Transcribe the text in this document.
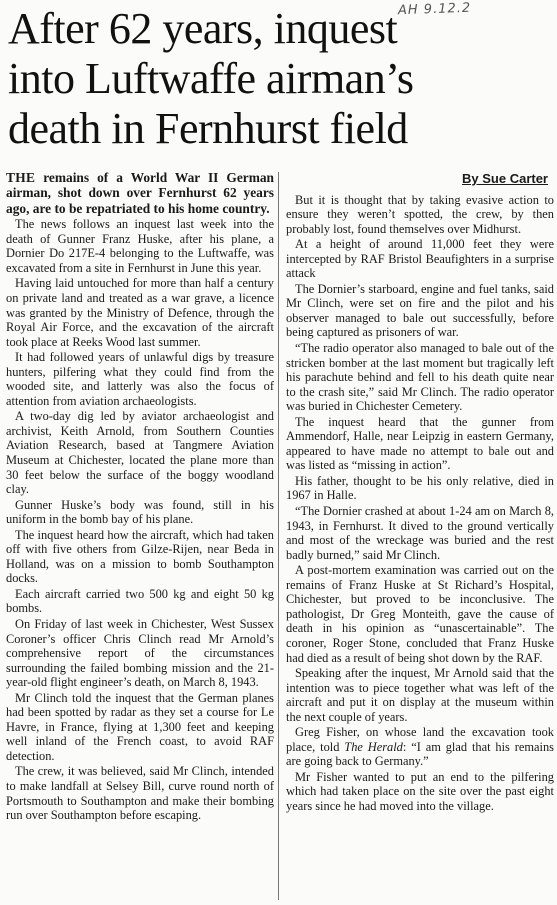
AH 9.12.2
After 62 years, inquest
into Luftwaffe airman’s
death in Fernhurst field

THE remains of a World War II German airman, shot down over Fernhurst 62 years ago, are to be repatriated to his home country.

The news follows an inquest last week into the death of Gunner Franz Huske, after his plane, a Dornier Do 217E-4 belonging to the Luftwaffe, was excavated from a site in Fernhurst in June this year.

Having laid untouched for more than half a century on private land and treated as a war grave, a licence was granted by the Ministry of Defence, through the Royal Air Force, and the excavation of the aircraft took place at Reeks Wood last summer.

It had followed years of unlawful digs by treasure hunters, pilfering what they could find from the wooded site, and latterly was also the focus of attention from aviation archaeologists.

A two-day dig led by aviator archaeologist and archivist, Keith Arnold, from Southern Counties Aviation Research, based at Tangmere Aviation Museum at Chichester, located the plane more than 30 feet below the surface of the boggy woodland clay.

Gunner Huske’s body was found, still in his uniform in the bomb bay of his plane.

The inquest heard how the aircraft, which had taken off with five others from Gilze-Rijen, near Beda in Holland, was on a mission to bomb Southampton docks.

Each aircraft carried two 500 kg and eight 50 kg bombs.

On Friday of last week in Chichester, West Sussex Coroner’s officer Chris Clinch read Mr Arnold’s comprehensive report of the circumstances surrounding the failed bombing mission and the 21-year-old flight engineer’s death, on March 8, 1943.

Mr Clinch told the inquest that the German planes had been spotted by radar as they set a course for Le Havre, in France, flying at 1,300 feet and keeping well inland of the French coast, to avoid RAF detection.

The crew, it was believed, said Mr Clinch, intended to make landfall at Selsey Bill, curve round north of Portsmouth to Southampton and make their bombing run over Southampton before escaping.

By Sue Carter

But it is thought that by taking evasive action to ensure they weren’t spotted, the crew, by then probably lost, found themselves over Midhurst.

At a height of around 11,000 feet they were intercepted by RAF Bristol Beaufighters in a surprise attack

The Dornier’s starboard, engine and fuel tanks, said Mr Clinch, were set on fire and the pilot and his observer managed to bale out successfully, before being captured as prisoners of war.

“The radio operator also managed to bale out of the stricken bomber at the last moment but tragically left his parachute behind and fell to his death quite near to the crash site,” said Mr Clinch. The radio operator was buried in Chichester Cemetery.

The inquest heard that the gunner from Ammendorf, Halle, near Leipzig in eastern Germany, appeared to have made no attempt to bale out and was listed as “missing in action”.

His father, thought to be his only relative, died in 1967 in Halle.

“The Dornier crashed at about 1-24 am on March 8, 1943, in Fernhurst. It dived to the ground vertically and most of the wreckage was buried and the rest badly burned,” said Mr Clinch.

A post-mortem examination was carried out on the remains of Franz Huske at St Richard’s Hospital, Chichester, but proved to be inconclusive. The pathologist, Dr Greg Monteith, gave the cause of death in his opinion as “unascertainable”. The coroner, Roger Stone, concluded that Franz Huske had died as a result of being shot down by the RAF.

Speaking after the inquest, Mr Arnold said that the intention was to piece together what was left of the aircraft and put it on display at the museum within the next couple of years.

Greg Fisher, on whose land the excavation took place, told The Herald: “I am glad that his remains are going back to Germany.”

Mr Fisher wanted to put an end to the pilfering which had taken place on the site over the past eight years since he had moved into the village.
